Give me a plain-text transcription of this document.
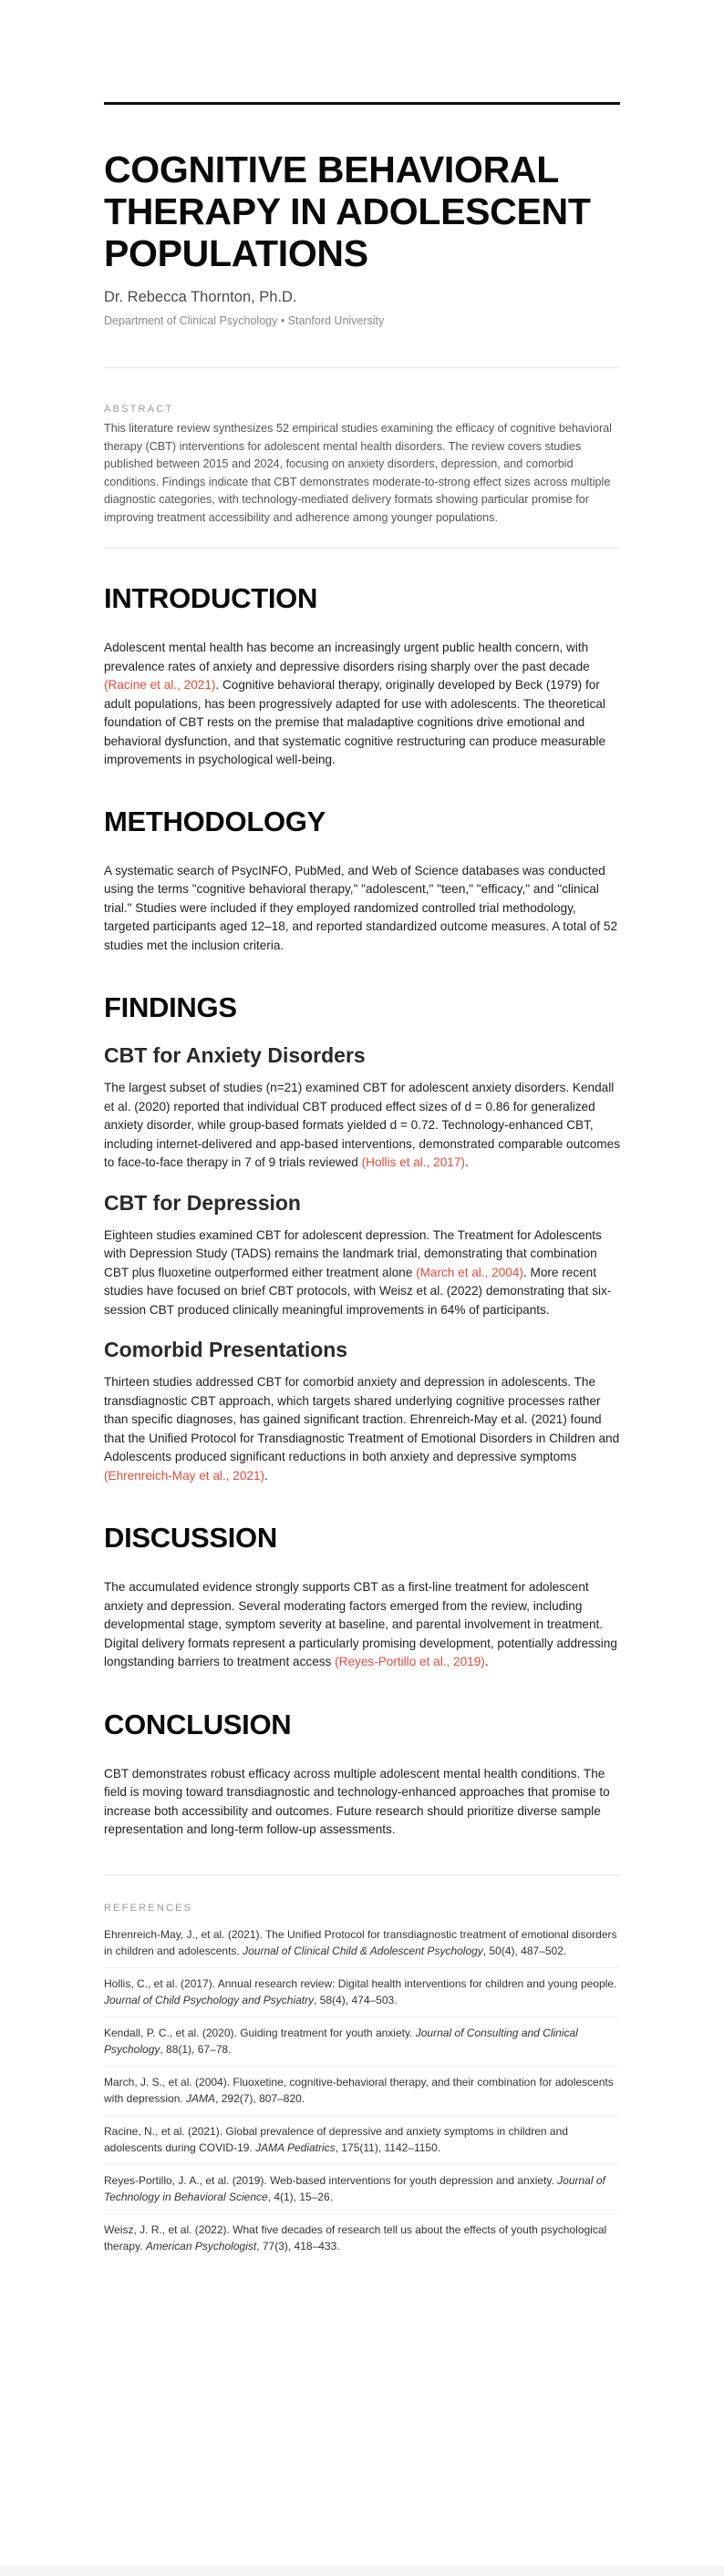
COGNITIVE BEHAVIORAL THERAPY IN ADOLESCENT POPULATIONS
Dr. Rebecca Thornton, Ph.D.
Department of Clinical Psychology • Stanford University
ABSTRACT

This literature review synthesizes 52 empirical studies examining the efficacy of cognitive behavioral therapy (CBT) interventions for adolescent mental health disorders. The review covers studies published between 2015 and 2024, focusing on anxiety disorders, depression, and comorbid conditions. Findings indicate that CBT demonstrates moderate-to-strong effect sizes across multiple diagnostic categories, with technology-mediated delivery formats showing particular promise for improving treatment accessibility and adherence among younger populations.

INTRODUCTION

Adolescent mental health has become an increasingly urgent public health concern, with prevalence rates of anxiety and depressive disorders rising sharply over the past decade (Racine et al., 2021). Cognitive behavioral therapy, originally developed by Beck (1979) for adult populations, has been progressively adapted for use with adolescents. The theoretical foundation of CBT rests on the premise that maladaptive cognitions drive emotional and behavioral dysfunction, and that systematic cognitive restructuring can produce measurable improvements in psychological well-being.

METHODOLOGY

A systematic search of PsycINFO, PubMed, and Web of Science databases was conducted using the terms "cognitive behavioral therapy," "adolescent," "teen," "efficacy," and "clinical trial." Studies were included if they employed randomized controlled trial methodology, targeted participants aged 12–18, and reported standardized outcome measures. A total of 52 studies met the inclusion criteria.

FINDINGS
CBT for Anxiety Disorders

The largest subset of studies (n=21) examined CBT for adolescent anxiety disorders. Kendall et al. (2020) reported that individual CBT produced effect sizes of d = 0.86 for generalized anxiety disorder, while group-based formats yielded d = 0.72. Technology-enhanced CBT, including internet-delivered and app-based interventions, demonstrated comparable outcomes to face-to-face therapy in 7 of 9 trials reviewed (Hollis et al., 2017).

CBT for Depression

Eighteen studies examined CBT for adolescent depression. The Treatment for Adolescents with Depression Study (TADS) remains the landmark trial, demonstrating that combination CBT plus fluoxetine outperformed either treatment alone (March et al., 2004). More recent studies have focused on brief CBT protocols, with Weisz et al. (2022) demonstrating that six-session CBT produced clinically meaningful improvements in 64% of participants.

Comorbid Presentations

Thirteen studies addressed CBT for comorbid anxiety and depression in adolescents. The transdiagnostic CBT approach, which targets shared underlying cognitive processes rather than specific diagnoses, has gained significant traction. Ehrenreich-May et al. (2021) found that the Unified Protocol for Transdiagnostic Treatment of Emotional Disorders in Children and Adolescents produced significant reductions in both anxiety and depressive symptoms (Ehrenreich-May et al., 2021).

DISCUSSION

The accumulated evidence strongly supports CBT as a first-line treatment for adolescent anxiety and depression. Several moderating factors emerged from the review, including developmental stage, symptom severity at baseline, and parental involvement in treatment. Digital delivery formats represent a particularly promising development, potentially addressing longstanding barriers to treatment access (Reyes-Portillo et al., 2019).

CONCLUSION

CBT demonstrates robust efficacy across multiple adolescent mental health conditions. The field is moving toward transdiagnostic and technology-enhanced approaches that promise to increase both accessibility and outcomes. Future research should prioritize diverse sample representation and long-term follow-up assessments.

REFERENCES
Ehrenreich-May, J., et al. (2021). The Unified Protocol for transdiagnostic treatment of emotional disorders in children and adolescents. Journal of Clinical Child & Adolescent Psychology, 50(4), 487–502.
Hollis, C., et al. (2017). Annual research review: Digital health interventions for children and young people. Journal of Child Psychology and Psychiatry, 58(4), 474–503.
Kendall, P. C., et al. (2020). Guiding treatment for youth anxiety. Journal of Consulting and Clinical Psychology, 88(1), 67–78.
March, J. S., et al. (2004). Fluoxetine, cognitive-behavioral therapy, and their combination for adolescents with depression. JAMA, 292(7), 807–820.
Racine, N., et al. (2021). Global prevalence of depressive and anxiety symptoms in children and adolescents during COVID-19. JAMA Pediatrics, 175(11), 1142–1150.
Reyes-Portillo, J. A., et al. (2019). Web-based interventions for youth depression and anxiety. Journal of Technology in Behavioral Science, 4(1), 15–26.
Weisz, J. R., et al. (2022). What five decades of research tell us about the effects of youth psychological therapy. American Psychologist, 77(3), 418–433.
